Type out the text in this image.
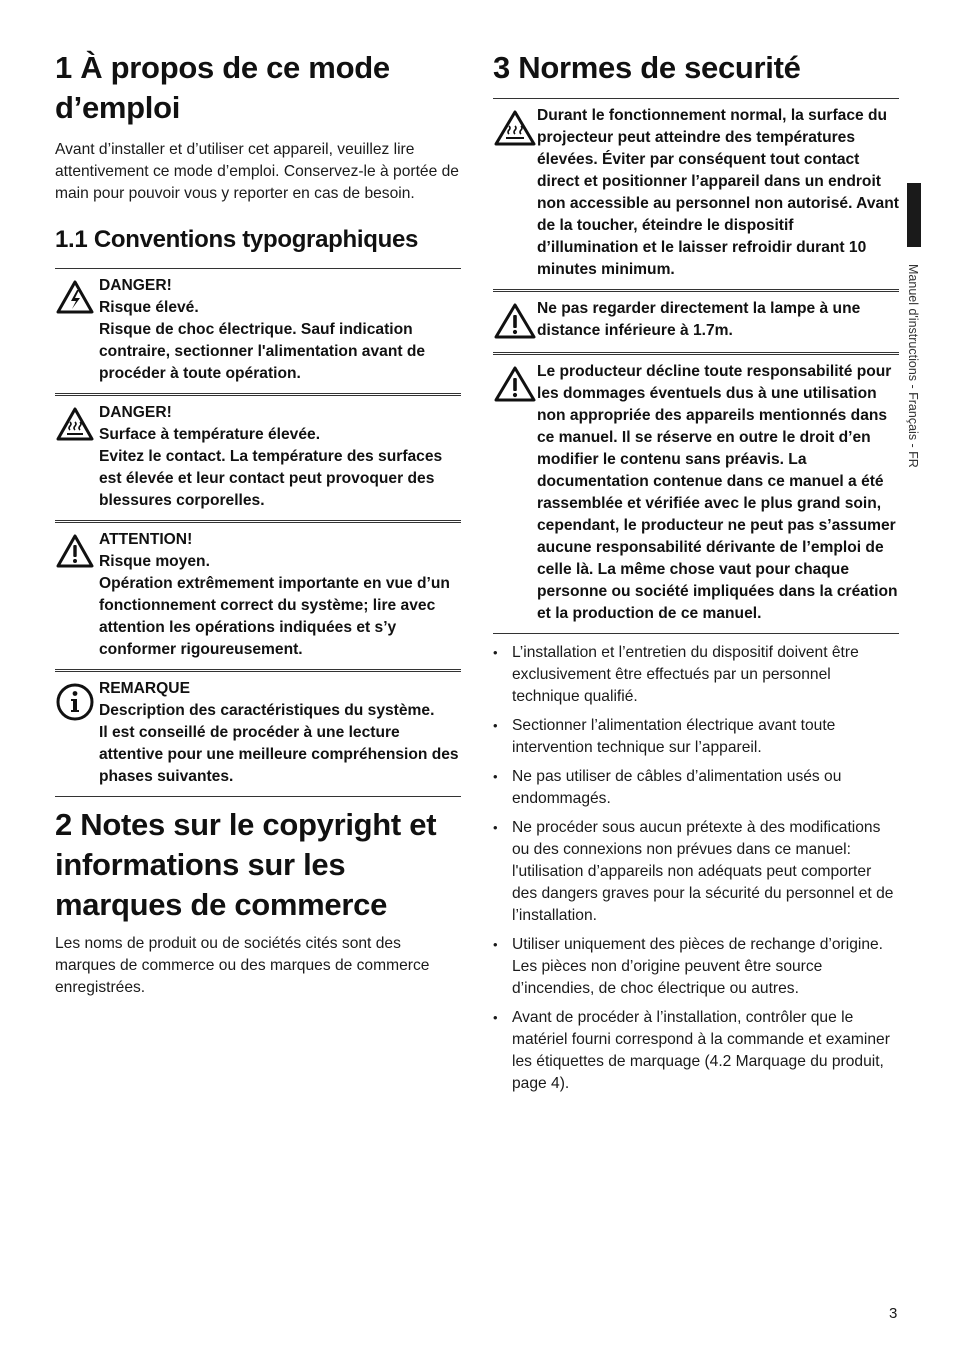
1 À propos de ce mode d’emploi

Avant d’installer et d’utiliser cet appareil, veuillez lire attentivement ce mode d’emploi. Conservez-le à portée de main pour pouvoir vous y reporter en cas de besoin.

1.1 Conventions typographiques
DANGER!
Risque élevé.
Risque de choc électrique. Sauf indication contraire, sectionner l'alimentation avant de procéder à toute opération.
DANGER!
Surface à température élevée.
Evitez le contact. La température des surfaces est élevée et leur contact peut provoquer des blessures corporelles.
ATTENTION!
Risque moyen.
Opération extrêmement importante en vue d’un fonctionnement correct du système; lire avec attention les opérations indiquées et s’y conformer rigoureusement.
REMARQUE
Description des caractéristiques du système.
Il est conseillé de procéder à une lecture attentive pour une meilleure compréhension des phases suivantes.
2 Notes sur le copyright et informations sur les marques de commerce

Les noms de produit ou de sociétés cités sont des marques de commerce ou des marques de commerce enregistrées.

3 Normes de securité
Durant le fonctionnement normal, la surface du projecteur peut atteindre des températures élevées. Éviter par conséquent tout contact direct et positionner l’appareil dans un endroit non accessible au personnel non autorisé. Avant de la toucher, éteindre le dispositif d’illumination et le laisser refroidir durant 10 minutes minimum.
Ne pas regarder directement la lampe à une distance inférieure à 1.7m.
Le producteur décline toute responsabilité pour les dommages éventuels dus à une utilisation non appropriée des appareils mentionnés dans ce manuel. Il se réserve en outre le droit d’en modifier le contenu sans préavis. La documentation contenue dans ce manuel a été rassemblée et vérifiée avec le plus grand soin, cependant, le producteur ne peut pas s’assumer aucune responsabilité dérivante de l’emploi de celle là. La même chose vaut pour chaque personne ou société impliquées dans la création et la production de ce manuel.
• L’installation et l’entretien du dispositif doivent être exclusivement être effectués par un personnel technique qualifié.
• Sectionner l’alimentation électrique avant toute intervention technique sur l’appareil.
• Ne pas utiliser de câbles d’alimentation usés ou endommagés.
• Ne procéder sous aucun prétexte à des modifications ou des connexions non prévues dans ce manuel: l'utilisation d’appareils non adéquats peut comporter des dangers graves pour la sécurité du personnel et de l’installation.
• Utiliser uniquement des pièces de rechange d’origine. Les pièces non d’origine peuvent être source d’incendies, de choc électrique ou autres.
• Avant de procéder à l’installation, contrôler que le matériel fourni correspond à la commande et examiner les étiquettes de marquage (4.2 Marquage du produit, page 4).
Manuel d'instructions - Français - FR
3
